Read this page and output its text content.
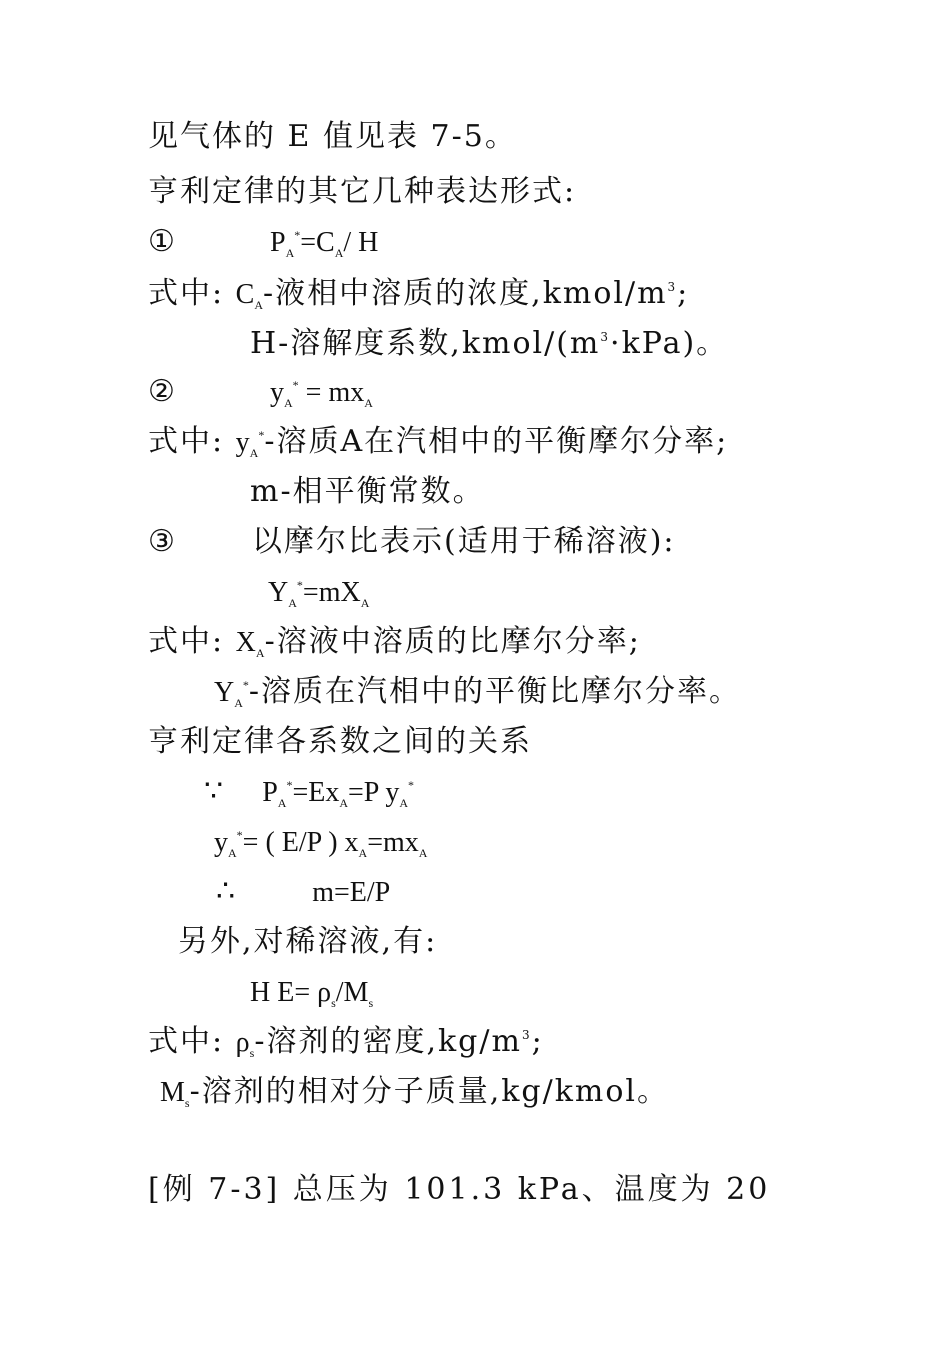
见气体的 E 值见表 7-5。
亨利定律的其它几种表达形式:
①	$P_A^*=C_A/$ H
式中: $C_A-$液相中溶质的浓度$,kmol/m^3$;
H-溶解度系数$,kmol/(m^3\cdot kPa)$。
②	$y_A^* = mx_A$
式中: $y_A^*-$溶质A在汽相中的平衡摩尔分率;
m-相平衡常数。
③	以摩尔比表示(适用于稀溶液):
$Y_A^*=mX_A$
式中: $X_A-$溶液中溶质的比摩尔分率;
$Y_A^*-$溶质在汽相中的平衡比摩尔分率。
亨利定律各系数之间的关系
∵ $P_A^*=Ex_A=P$ $y_A^*$
$y_A^*=$ ( E/P ) $x_A=mx_A$
∴	m=E/P
另外,对稀溶液,有:
H $E= \rho_s/M_s$
式中: $\rho_s-$溶剂的密度$,kg/m^3$;
$M_s-$溶剂的相对分子质量,kg/kmol。
[例 7-3] 总压为 101.3 kPa、温度为 20
